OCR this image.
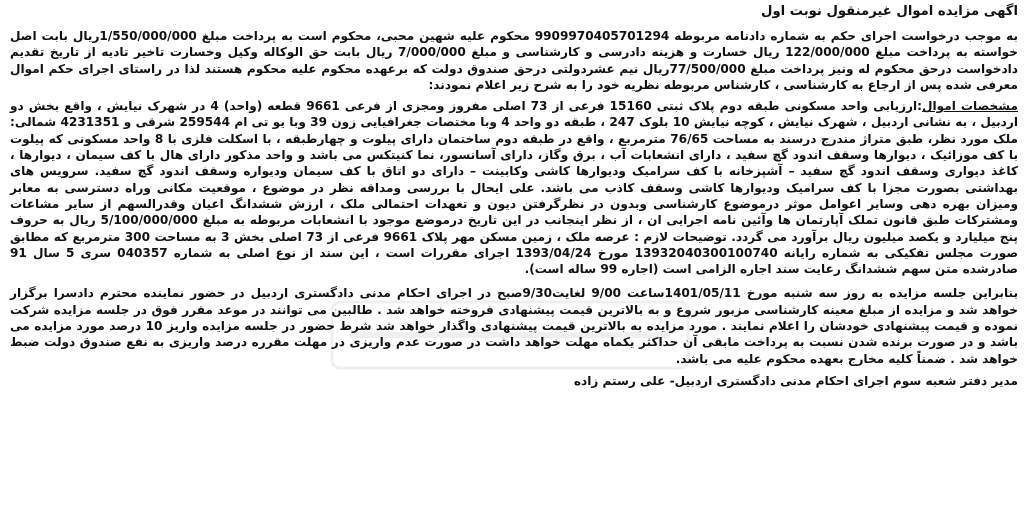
اگهی مزایده اموال غیرمنقول نوبت اول
به موجب درخواست اجرای حکم به شماره دادنامه مربوطه 9909970405701294 محکوم علیه شهین محبی، محکوم است به پرداخت مبلغ 1/550/000/000ریال بابت اصل خواسته به پرداخت مبلغ 122/000/000 ریال خسارت و هزینه دادرسی و کارشناسی و مبلغ 7/000/000 ریال بابت حق الوکاله وکیل وخسارت تاخیر تادیه از تاریخ تقدیم دادخواست درحق محکوم له ونیز پرداخت مبلغ 77/500/000ریال نیم عشردولتی درحق صندوق دولت که برعهده محکوم علیه محکوم هستند لذا در راستای اجرای حکم اموال معرفی شده پس از ارجاع به کارشناسی ، کارشناس مربوطه نظریه خود را به شرح زیر اعلام نمودند:
مشخصات اموال:ارزیابی واحد مسکونی طبقه دوم پلاک ثبتی 15160 فرعی از 73 اصلی مفروز ومجزی از فرعی 9661 قطعه (واحد) 4 در شهرک نیایش ، واقع بخش دو اردبیل ، به نشانی اردبیل ، شهرک نیایش ، کوچه نیایش 10 بلوک 247 ، طبقه دو واحد 4 وبا مختصات جغرافیایی زون 39 وبا یو تی ام 259544 شرقی و 4231351 شمالی: ملک مورد نظر، طبق متراژ مندرج درسند به مساحت 76/65 مترمربع ، واقع در طبقه دوم ساختمان دارای پیلوت و چهارطبقه ، با اسکلت فلزی با 8 واحد مسکونی که پیلوت با کف موزائیک ، دیوارها وسقف اندود گچ سفید ، دارای انشعابات آب ، برق وگاز، دارای آسانسور، نما کنیتکس می باشد و واحد مذکور دارای هال با کف سیمان ، دیوارها ، کاغذ دیواری وسقف اندود گچ سفید – آشپزخانه با کف سرامیک ودیوارها کاشی وکابینت – دارای دو اتاق با کف سیمان ودیواره وسقف اندود گچ سفید. سرویس های بهداشتی بصورت مجزا با کف سرامیک ودیوارها کاشی وسقف کاذب می باشد. علی ایحال با بررسی ومداقه نظر در موضوع ، موقعیت مکانی وراه دسترسی به معابر ومیزان بهره دهی وسایر اعوامل موثر درموضوع کارشناسی وبدون در نظرگرفتن دیون و تعهدات احتمالی ملک ، ارزش ششدانگ اعیان وقدرالسهم از سایر مشاعات ومشترکات طبق قانون تملک آپارتمان ها وآئین نامه اجرایی ان ، از نظر اینجانب در این تاریخ درموضع موجود با انشعابات مربوطه به مبلغ 5/100/000/000 ریال به حروف پنج میلیارد و یکصد میلیون ریال برآورد می گردد. توضیحات لازم : عرصه ملک ، زمین مسکن مهر پلاک 9661 فرعی از 73 اصلی بخش 3 به مساحت 300 مترمربع که مطابق صورت مجلس تفکیکی به شماره رایانه 13932040300100740 مورخ 1393/04/24 اجرای مقررات است ، این سند از نوع اصلی به شماره 040357 سری 5 سال 91 صادرشده متن سهم ششدانگ رعایت سند اجاره الزامی است (اجاره 99 ساله است).
بنابراین جلسه مزایده به روز سه شنبه مورخ 1401/05/11ساعت 9/00 لغایت9/30صبح در اجرای احکام مدنی دادگستری اردبیل در حضور نماینده محترم دادسرا برگزار خواهد شد و مزایده از مبلغ معینه کارشناسی مزبور شروع و به بالاترین قیمت پیشنهادی فروخته خواهد شد . طالبین می توانند در موعد مقرر فوق در جلسه مزایده شرکت نموده و قیمت پیشنهادی خودشان را اعلام نمایند . مورد مزایده به بالاترین قیمت پیشنهادی واگذار خواهد شد شرط حضور در جلسه مزایده واریز 10 درصد مورد مزایده می باشد و در صورت برنده شدن نسبت به پرداخت مابقی آن حداکثر یکماه مهلت خواهد داشت در صورت عدم واریزی در مهلت مقرره درصد واریزی به نفع صندوق دولت ضبط خواهد شد . ضمناً کلیه مخارج بعهده محکوم علیه می باشد.
مدیر دفتر شعبه سوم اجرای احکام مدنی دادگستری اردبیل- علی رستم زاده
